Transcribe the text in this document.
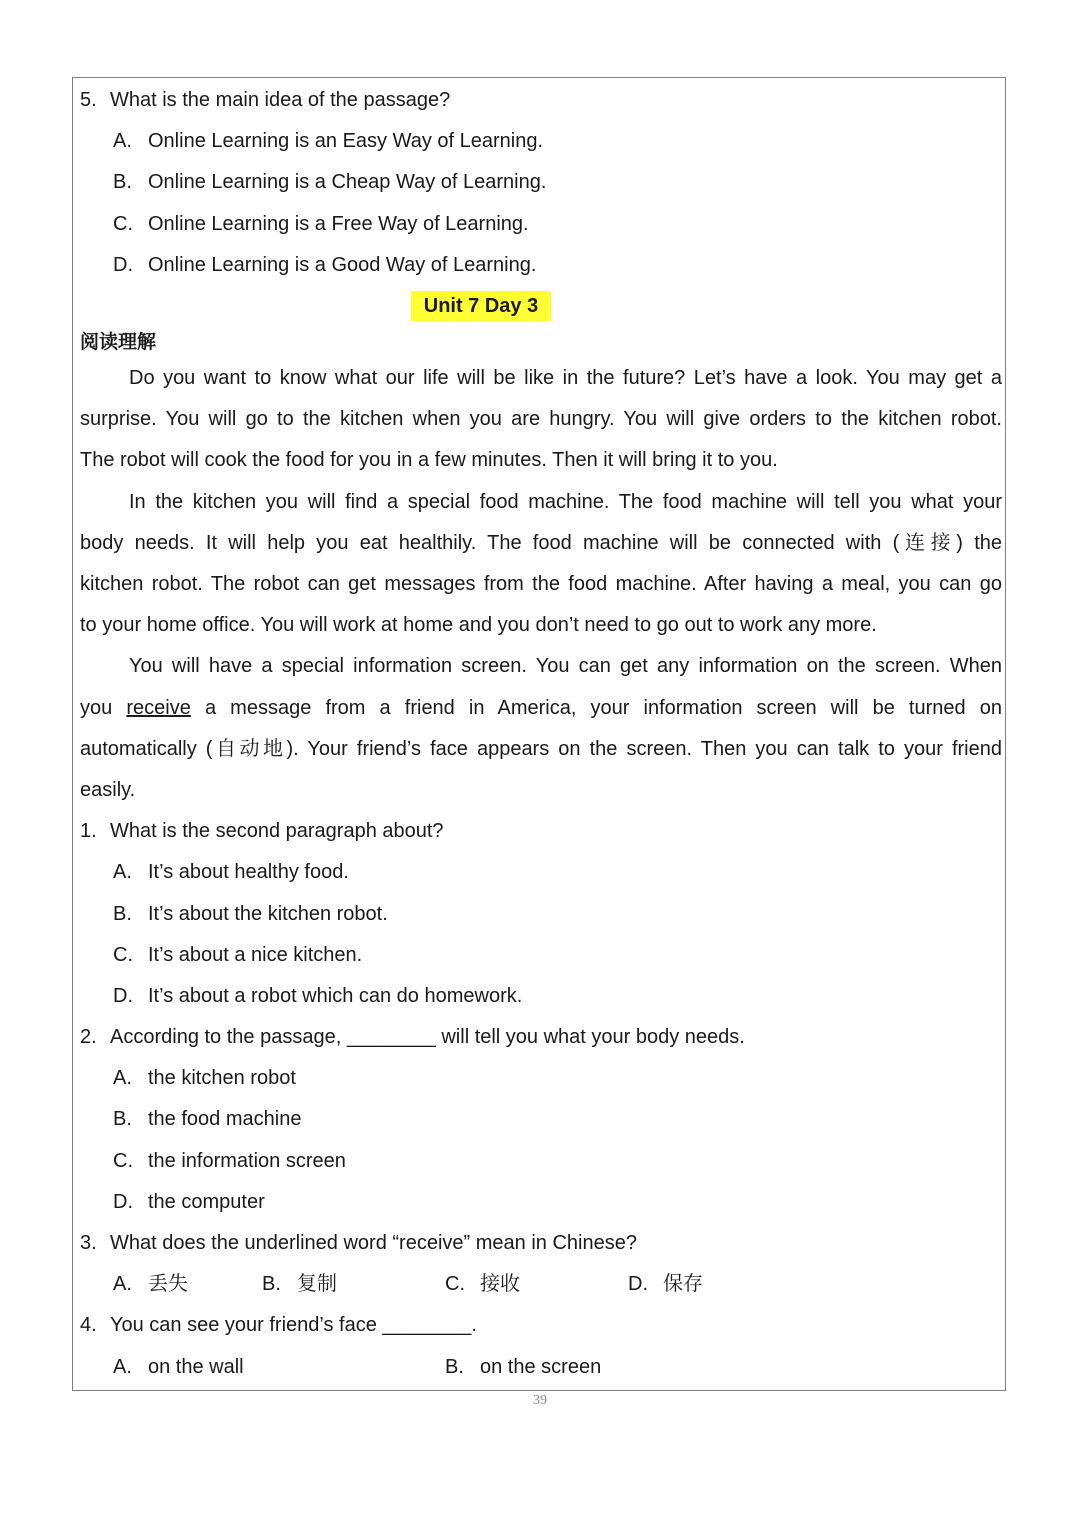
5. What is the main idea of the passage?
A. Online Learning is an Easy Way of Learning.
B. Online Learning is a Cheap Way of Learning.
C. Online Learning is a Free Way of Learning.
D. Online Learning is a Good Way of Learning.
Unit 7 Day 3
阅读理解
Do you want to know what our life will be like in the future? Let’s have a look. You may get a
surprise. You will go to the kitchen when you are hungry. You will give orders to the kitchen robot.
The robot will cook the food for you in a few minutes. Then it will bring it to you.
In the kitchen you will find a special food machine. The food machine will tell you what your
body needs. It will help you eat healthily. The food machine will be connected with (连接) the
kitchen robot. The robot can get messages from the food machine. After having a meal, you can go
to your home office. You will work at home and you don’t need to go out to work any more.
You will have a special information screen. You can get any information on the screen. When
you receive a message from a friend in America, your information screen will be turned on
automatically (自动地). Your friend’s face appears on the screen. Then you can talk to your friend
easily.
1. What is the second paragraph about?
A. It’s about healthy food.
B. It’s about the kitchen robot.
C. It’s about a nice kitchen.
D. It’s about a robot which can do homework.
2. According to the passage, ________ will tell you what your body needs.
A. the kitchen robot
B. the food machine
C. the information screen
D. the computer
3. What does the underlined word “receive” mean in Chinese?
A. 丢失	B. 复制	C. 接收	D. 保存
4. You can see your friend’s face ________.
A. on the wall	B. on the screen
39
